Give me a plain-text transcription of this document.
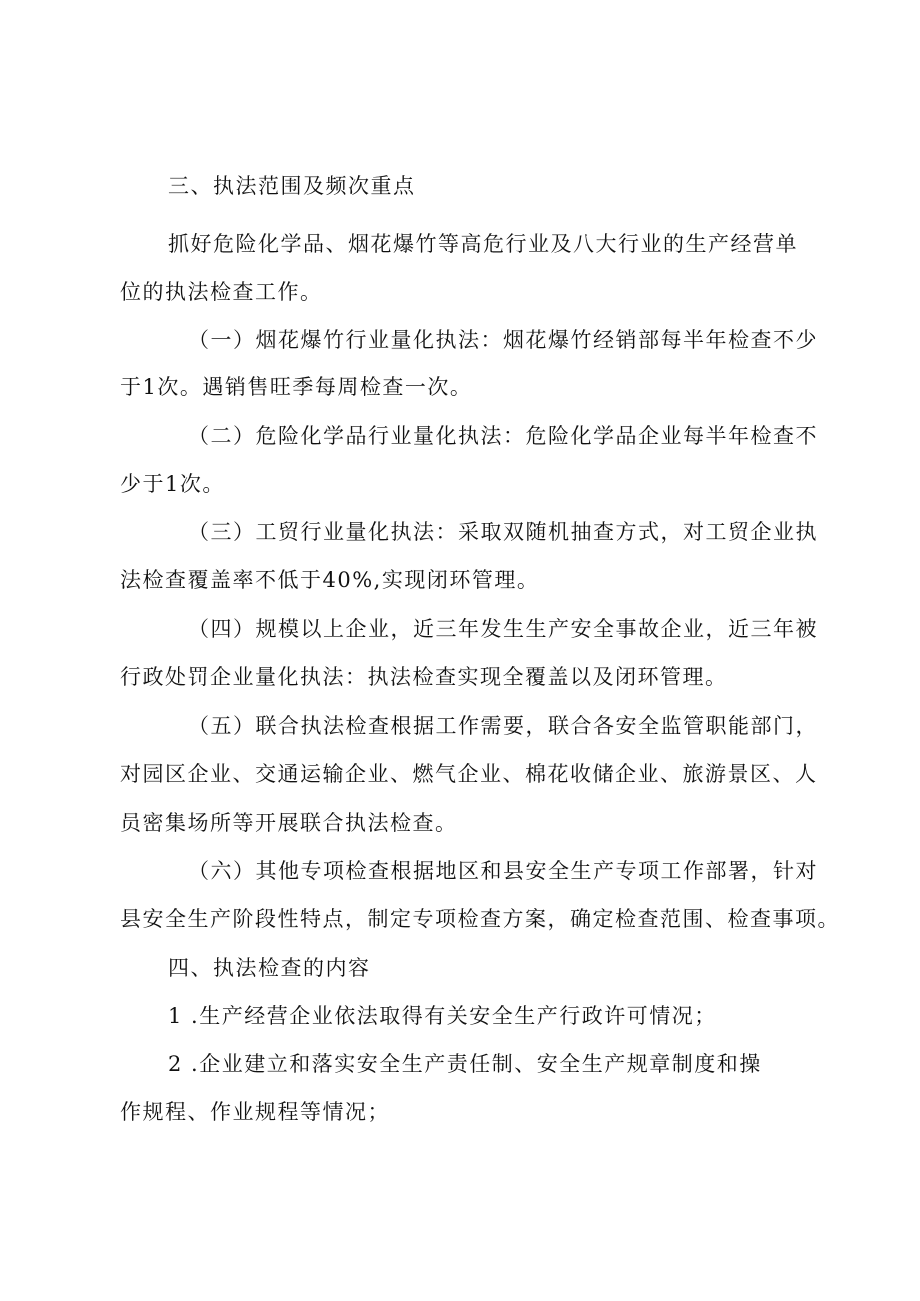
三、执法范围及频次重点
抓好危险化学品、烟花爆竹等高危行业及八大行业的生产经营单
位的执法检查工作。
（一）烟花爆竹行业量化执法：烟花爆竹经销部每半年检查不少
于1次。遇销售旺季每周检查一次。
（二）危险化学品行业量化执法：危险化学品企业每半年检查不
少于1次。
（三）工贸行业量化执法：采取双随机抽查方式，对工贸企业执
法检查覆盖率不低于40%,实现闭环管理。
（四）规模以上企业，近三年发生生产安全事故企业，近三年被
行政处罚企业量化执法：执法检查实现全覆盖以及闭环管理。
（五）联合执法检查根据工作需要，联合各安全监管职能部门，
对园区企业、交通运输企业、燃气企业、棉花收储企业、旅游景区、人
员密集场所等开展联合执法检查。
（六）其他专项检查根据地区和县安全生产专项工作部署，针对
县安全生产阶段性特点，制定专项检查方案，确定检查范围、检查事项。
四、执法检查的内容
1 .生产经营企业依法取得有关安全生产行政许可情况；
2 .企业建立和落实安全生产责任制、安全生产规章制度和操
作规程、作业规程等情况；
